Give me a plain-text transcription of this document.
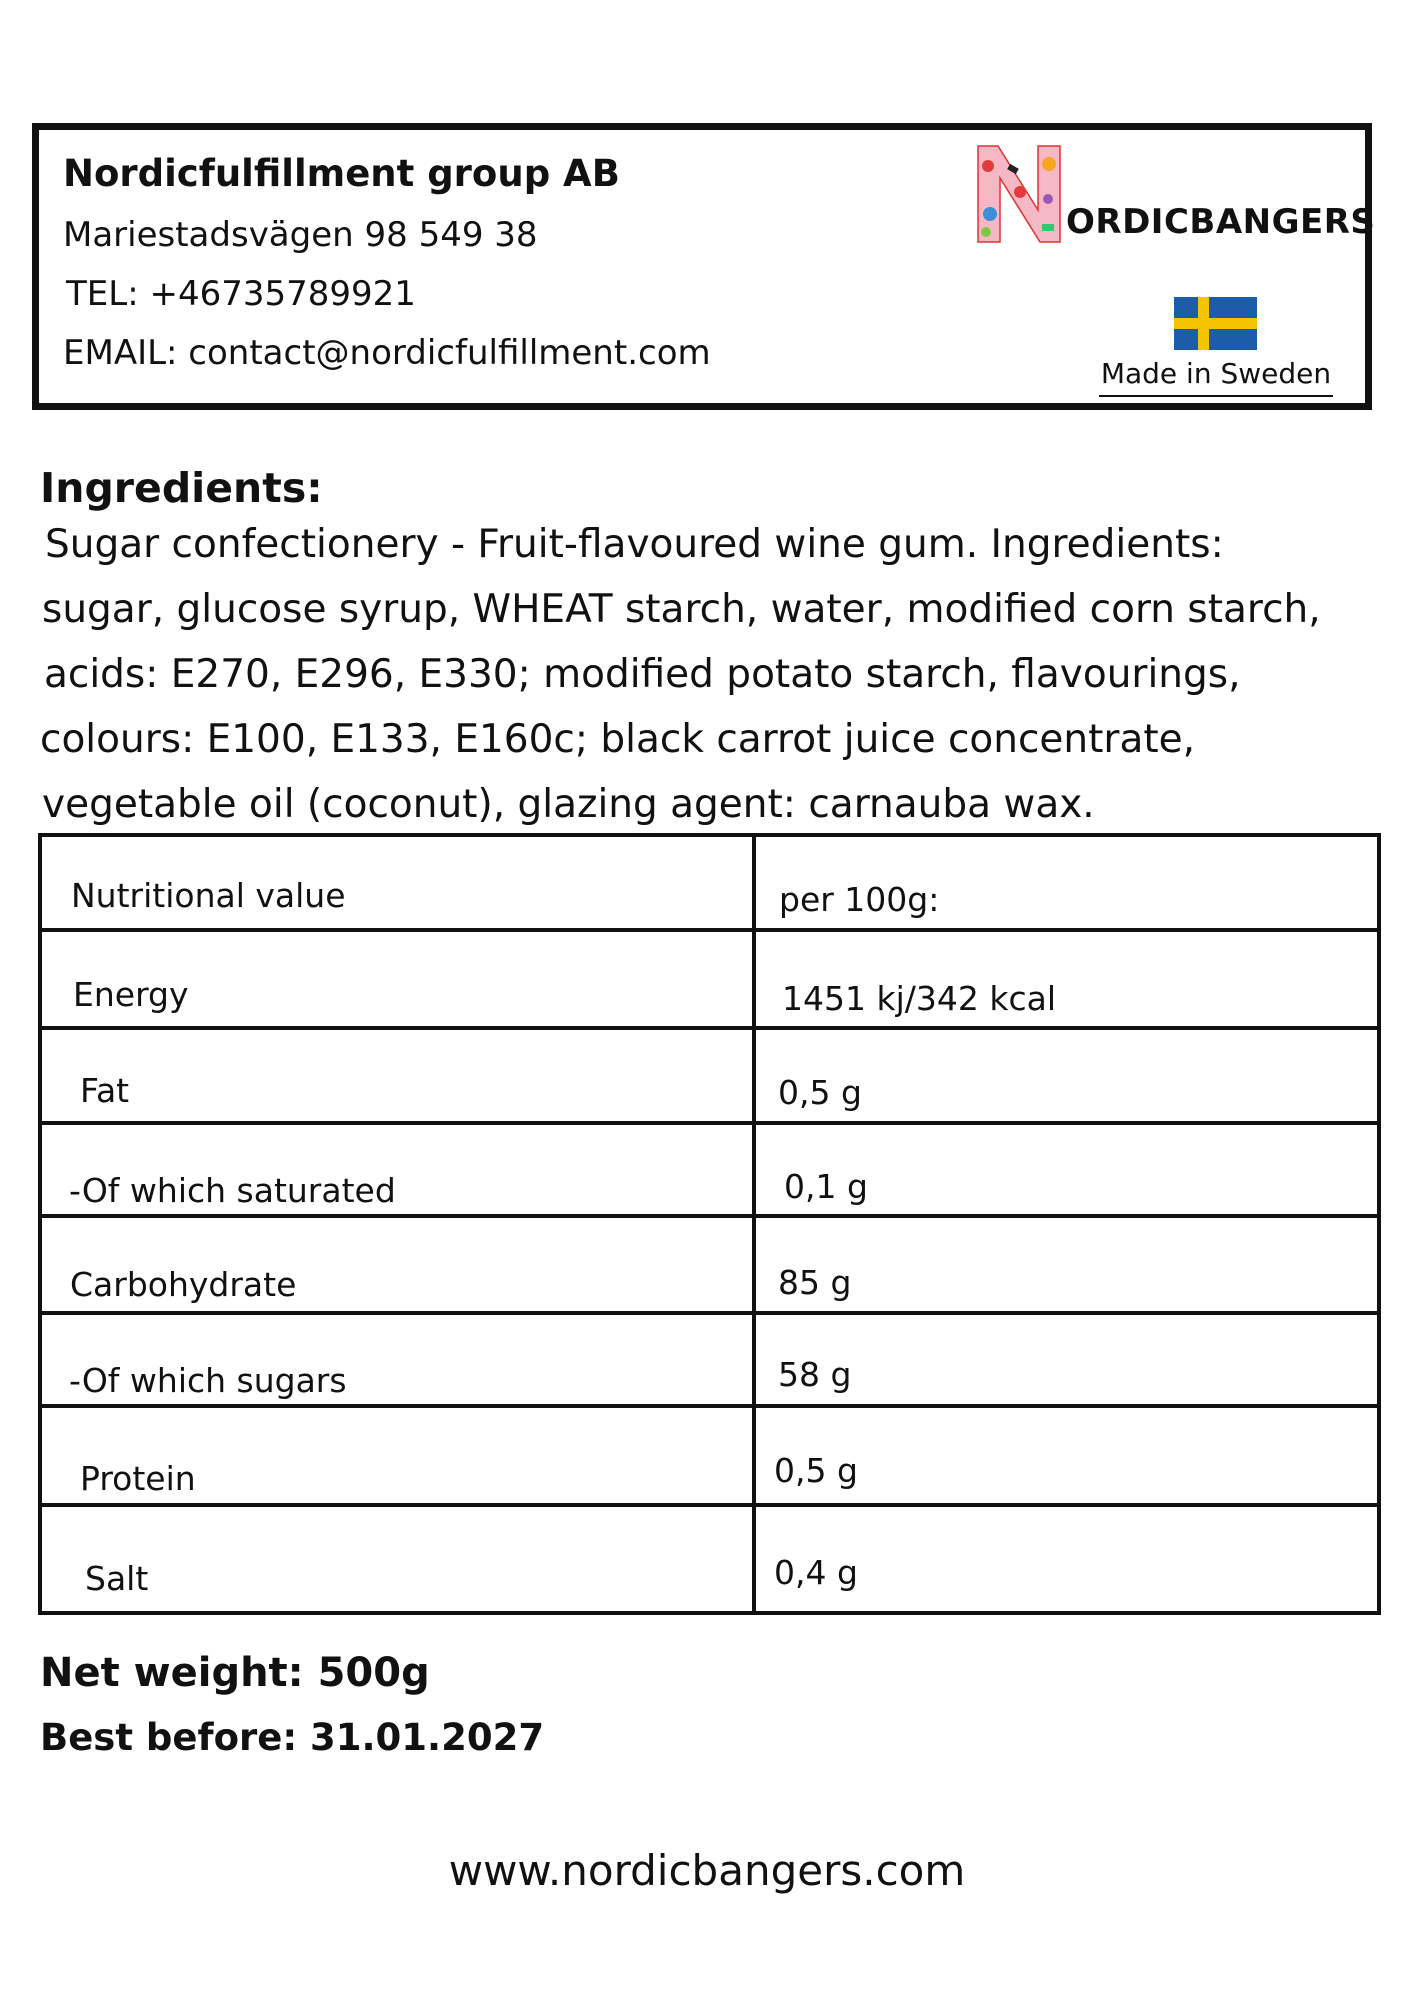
Nordicfulfillment group AB

Mariestadsvägen 98 549 38

TEL: +46735789921

EMAIL: contact@nordicfulfillment.com

ORDICBANGERS

Made in Sweden

Ingredients:

Sugar confectionery - Fruit-flavoured wine gum. Ingredients:

sugar, glucose syrup, WHEAT starch, water, modified corn starch,

acids: E270, E296, E330; modified potato starch, flavourings,

colours: E100, E133, E160c; black carrot juice concentrate,

vegetable oil (coconut), glazing agent: carnauba wax.

Nutritional value	per 100g:

Energy	1451 kj/342 kcal

Fat	0,5 g

-Of which saturated	0,1 g

Carbohydrate	85 g

-Of which sugars	58 g

Protein	0,5 g

Salt	0,4 g

Net weight: 500g

Best before: 31.01.2027

www.nordicbangers.com
